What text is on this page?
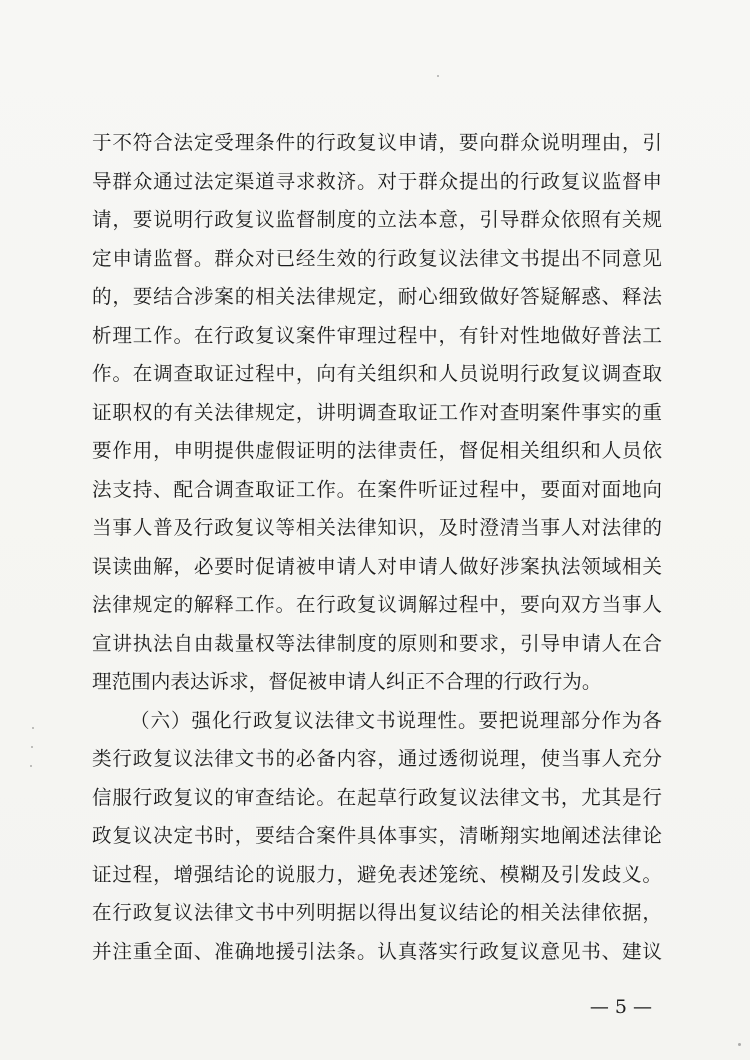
于不符合法定受理条件的行政复议申请，要向群众说明理由，引
导群众通过法定渠道寻求救济。对于群众提出的行政复议监督申
请，要说明行政复议监督制度的立法本意，引导群众依照有关规
定申请监督。群众对已经生效的行政复议法律文书提出不同意见
的，要结合涉案的相关法律规定，耐心细致做好答疑解惑、释法
析理工作。在行政复议案件审理过程中，有针对性地做好普法工
作。在调查取证过程中，向有关组织和人员说明行政复议调查取
证职权的有关法律规定，讲明调查取证工作对查明案件事实的重
要作用，申明提供虚假证明的法律责任，督促相关组织和人员依
法支持、配合调查取证工作。在案件听证过程中，要面对面地向
当事人普及行政复议等相关法律知识，及时澄清当事人对法律的
误读曲解，必要时促请被申请人对申请人做好涉案执法领域相关
法律规定的解释工作。在行政复议调解过程中，要向双方当事人
宣讲执法自由裁量权等法律制度的原则和要求，引导申请人在合
理范围内表达诉求，督促被申请人纠正不合理的行政行为。
（六）强化行政复议法律文书说理性。要把说理部分作为各
类行政复议法律文书的必备内容，通过透彻说理，使当事人充分
信服行政复议的审查结论。在起草行政复议法律文书，尤其是行
政复议决定书时，要结合案件具体事实，清晰翔实地阐述法律论
证过程，增强结论的说服力，避免表述笼统、模糊及引发歧义。
在行政复议法律文书中列明据以得出复议结论的相关法律依据，
并注重全面、准确地援引法条。认真落实行政复议意见书、建议
— 5 —
